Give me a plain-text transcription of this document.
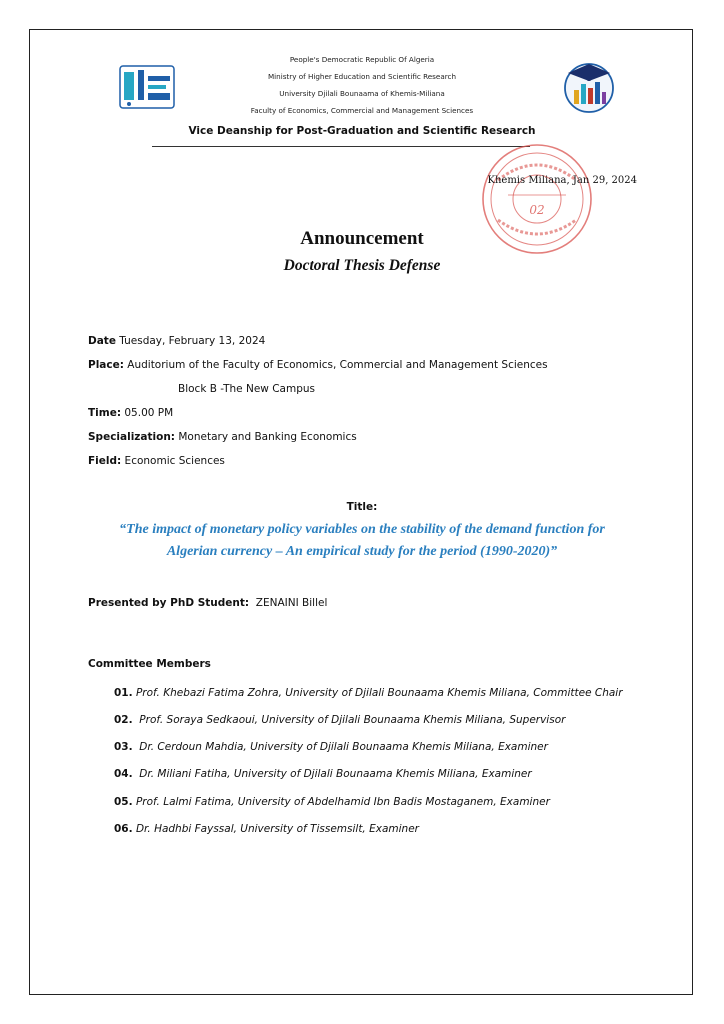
People's Democratic Republic Of Algeria
Ministry of Higher Education and Scientific Research
University Djilali Bounaama of Khemis-Miliana
Faculty of Economics, Commercial and Management Sciences
Vice Deanship for Post-Graduation and Scientific Research
02
Khemis Miliana, Jan 29, 2024
Announcement
Doctoral Thesis Defense
Date Tuesday, February 13, 2024
Place: Auditorium of the Faculty of Economics, Commercial and Management Sciences
Block B -The New Campus
Time: 05.00 PM
Specialization: Monetary and Banking Economics
Field: Economic Sciences
Title:
“The impact of monetary policy variables on the stability of the demand function for
Algerian currency – An empirical study for the period (1990-2020)”
Presented by PhD Student: ZENAINI Billel
Committee Members
01. Prof. Khebazi Fatima Zohra, University of Djilali Bounaama Khemis Miliana, Committee Chair
02. Prof. Soraya Sedkaoui, University of Djilali Bounaama Khemis Miliana, Supervisor
03. Dr. Cerdoun Mahdia, University of Djilali Bounaama Khemis Miliana, Examiner
04. Dr. Miliani Fatiha, University of Djilali Bounaama Khemis Miliana, Examiner
05. Prof. Lalmi Fatima, University of Abdelhamid Ibn Badis Mostaganem, Examiner
06. Dr. Hadhbi Fayssal, University of Tissemsilt, Examiner
